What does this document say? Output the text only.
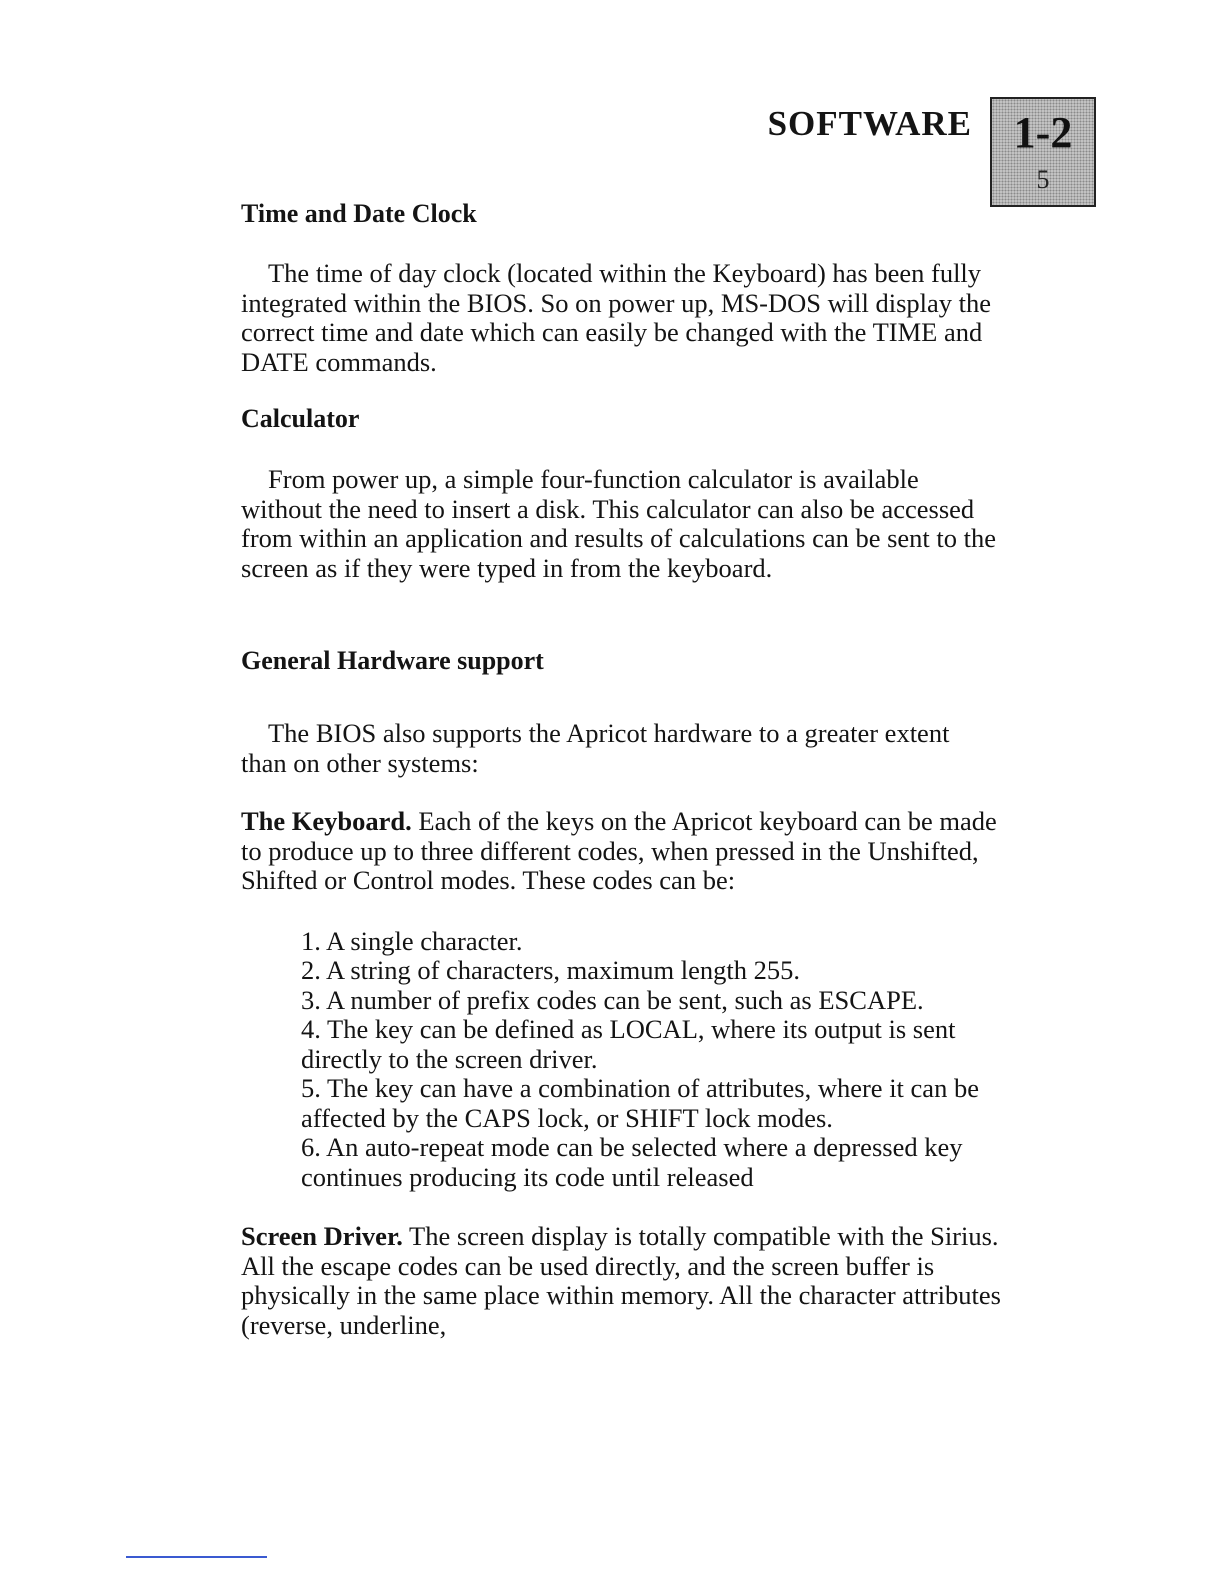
SOFTWARE 1-2
5
Time and Date Clock

The time of day clock (located within the Keyboard) has been fully integrated within the BIOS. So on power up, MS-DOS will display the correct time and date which can easily be changed with the TIME and DATE commands.

Calculator

From power up, a simple four-function calculator is available without the need to insert a disk. This calculator can also be accessed from within an application and results of calculations can be sent to the screen as if they were typed in from the keyboard.

General Hardware support

The BIOS also supports the Apricot hardware to a greater extent than on other systems:

The Keyboard. Each of the keys on the Apricot keyboard can be made to produce up to three different codes, when pressed in the Unshifted, Shifted or Control modes. These codes can be:

1. A single character.
2. A string of characters, maximum length 255.
3. A number of prefix codes can be sent, such as ESCAPE.
4. The key can be defined as LOCAL, where its output is sent directly to the screen driver.
5. The key can have a combination of attributes, where it can be affected by the CAPS lock, or SHIFT lock modes.
6. An auto-repeat mode can be selected where a depressed key continues producing its code until released

Screen Driver. The screen display is totally compatible with the Sirius. All the escape codes can be used directly, and the screen buffer is physically in the same place within memory. All the character attributes (reverse, underline,
